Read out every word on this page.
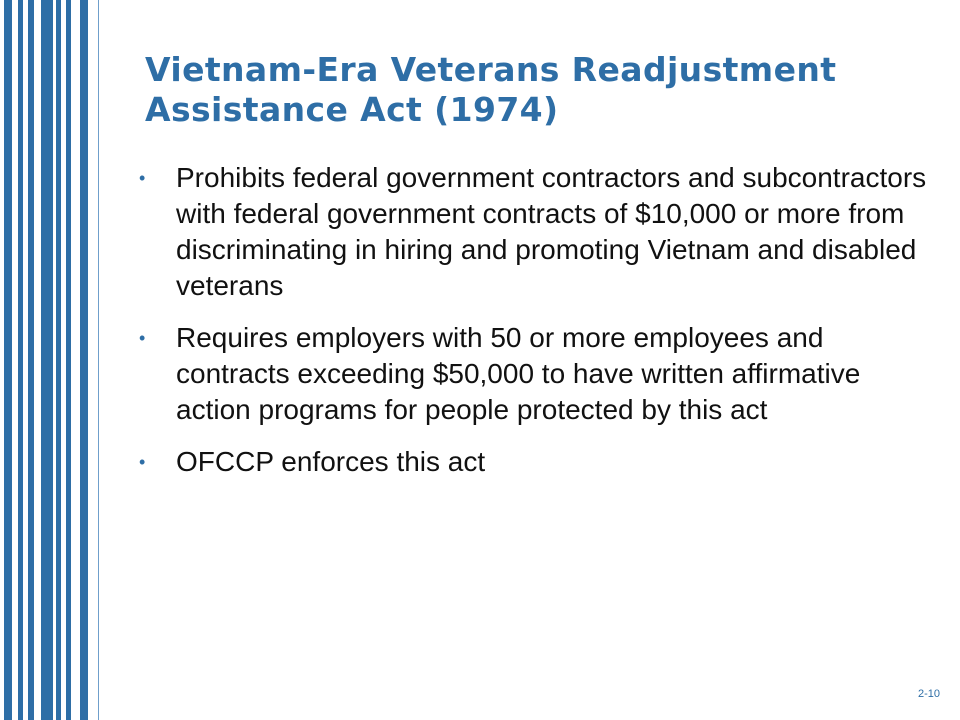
Vietnam-Era Veterans Readjustment Assistance Act (1974)
• Prohibits federal government contractors and subcontractors with federal government contracts of $10,000 or more from discriminating in hiring and promoting Vietnam and disabled veterans
• Requires employers with 50 or more employees and contracts exceeding $50,000 to have written affirmative action programs for people protected by this act
• OFCCP enforces this act
2-10
